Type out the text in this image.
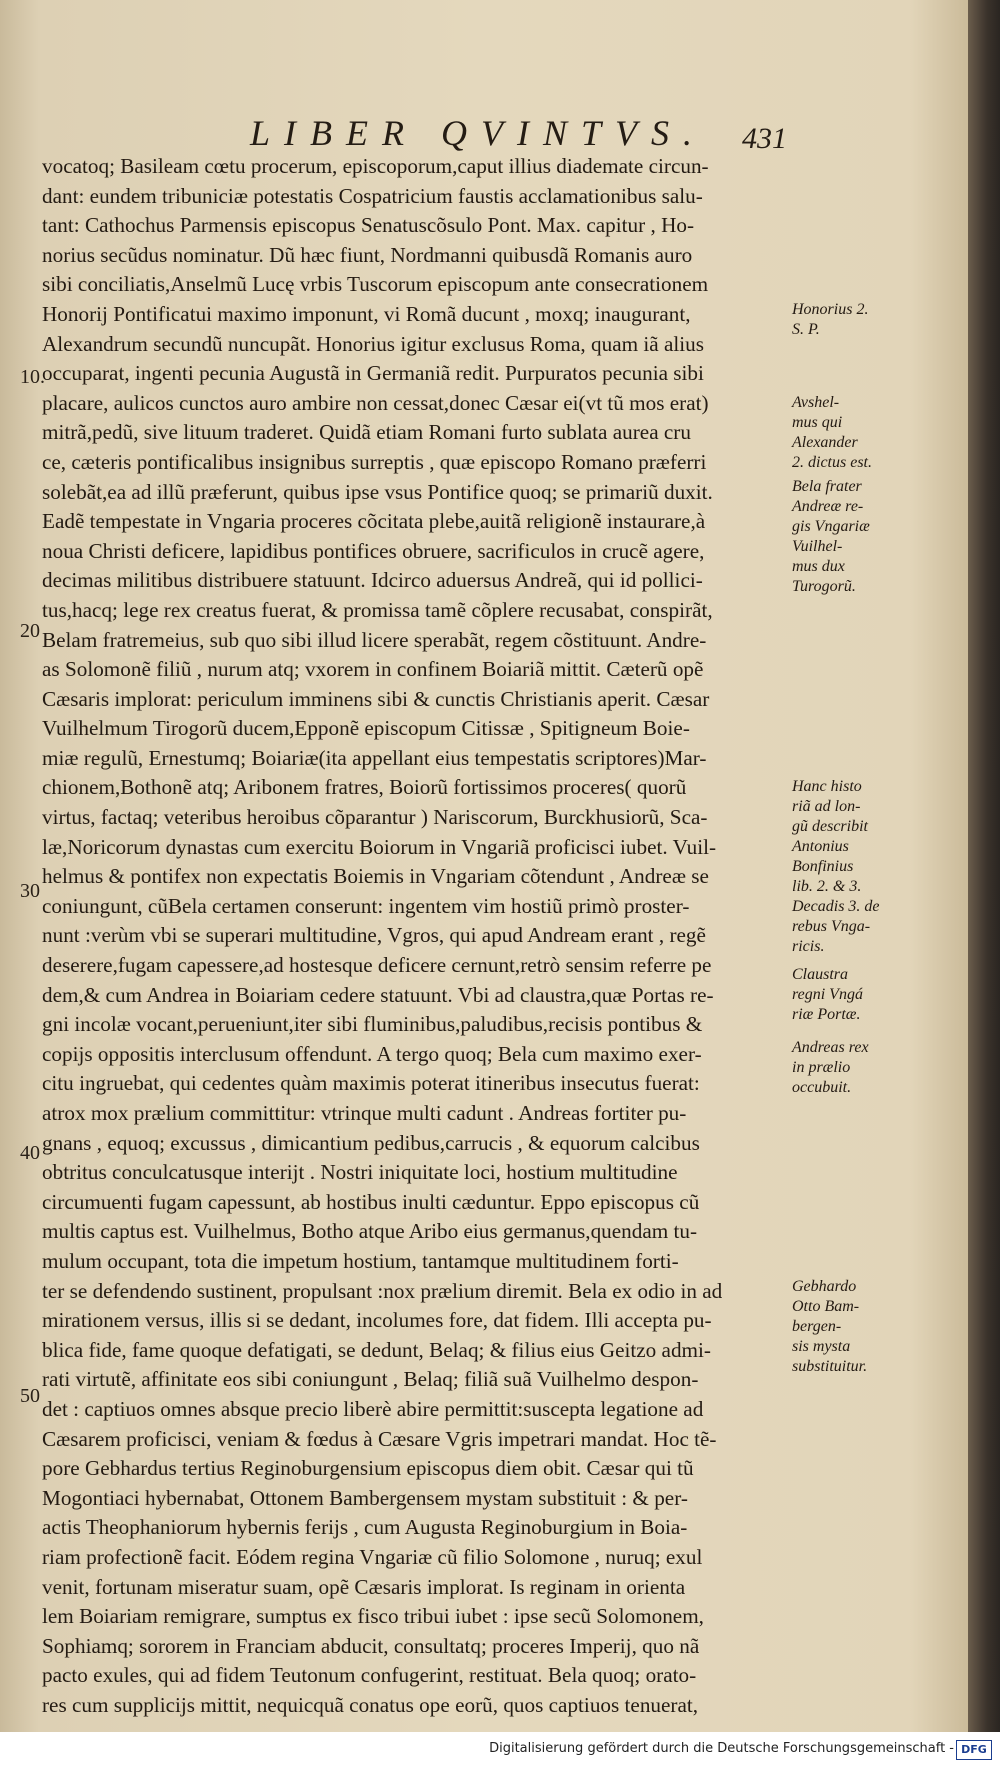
LIBER QVINTVS. 431
10.
20
30
40
50
vocatoq; Basileam cœtu procerum, episcoporum,caput illius diademate circun-
dant: eundem tribuniciæ potestatis Cospatricium faustis acclamationibus salu-
tant: Cathochus Parmensis episcopus Senatuscõsulo Pont. Max. capitur , Ho-
norius secũdus nominatur. Dũ hæc fiunt, Nordmanni quibusdã Romanis auro
sibi conciliatis,Anselmũ Lucę vrbis Tuscorum episcopum ante consecrationem
Honorij Pontificatui maximo imponunt, vi Romã ducunt , moxq; inaugurant,
Alexandrum secundũ nuncupãt. Honorius igitur exclusus Roma, quam iã alius
occuparat, ingenti pecunia Augustã in Germaniã redit. Purpuratos pecunia sibi
placare, aulicos cunctos auro ambire non cessat,donec Cæsar ei(vt tũ mos erat)
mitrã,pedũ, sive lituum traderet. Quidã etiam Romani furto sublata aurea cru
ce, cæteris pontificalibus insignibus surreptis , quæ episcopo Romano præferri
solebãt,ea ad illũ præferunt, quibus ipse vsus Pontifice quoq; se primariũ duxit.
Eadẽ tempestate in Vngaria proceres cõcitata plebe,auitã religionẽ instaurare,à
noua Christi deficere, lapidibus pontifices obruere, sacrificulos in crucẽ agere,
decimas militibus distribuere statuunt. Idcirco aduersus Andreã, qui id pollici-
tus,hacq; lege rex creatus fuerat, & promissa tamẽ cõplere recusabat, conspirãt,
Belam fratremeius, sub quo sibi illud licere sperabãt, regem cõstituunt. Andre-
as Solomonẽ filiũ , nurum atq; vxorem in confinem Boiariã mittit. Cæterũ opẽ
Cæsaris implorat: periculum imminens sibi & cunctis Christianis aperit. Cæsar
Vuilhelmum Tirogorũ ducem,Epponẽ episcopum Citissæ , Spitigneum Boie-
miæ regulũ, Ernestumq; Boiariæ(ita appellant eius tempestatis scriptores)Mar-
chionem,Bothonẽ atq; Aribonem fratres, Boiorũ fortissimos proceres( quorũ
virtus, factaq; veteribus heroibus cõparantur ) Nariscorum, Burckhusiorũ, Sca-
læ,Noricorum dynastas cum exercitu Boiorum in Vngariã proficisci iubet. Vuil-
helmus & pontifex non expectatis Boiemis in Vngariam cõtendunt , Andreæ se
coniungunt, cũBela certamen conserunt: ingentem vim hostiũ primò proster-
nunt :verùm vbi se superari multitudine, Vgros, qui apud Andream erant , regẽ
deserere,fugam capessere,ad hostesque deficere cernunt,retrò sensim referre pe
dem,& cum Andrea in Boiariam cedere statuunt. Vbi ad claustra,quæ Portas re-
gni incolæ vocant,perueniunt,iter sibi fluminibus,paludibus,recisis pontibus &
copijs oppositis interclusum offendunt. A tergo quoq; Bela cum maximo exer-
citu ingruebat, qui cedentes quàm maximis poterat itineribus insecutus fuerat:
atrox mox prælium committitur: vtrinque multi cadunt . Andreas fortiter pu-
gnans , equoq; excussus , dimicantium pedibus,carrucis , & equorum calcibus
obtritus conculcatusque interijt . Nostri iniquitate loci, hostium multitudine
circumuenti fugam capessunt, ab hostibus inulti cæduntur. Eppo episcopus cũ
multis captus est. Vuilhelmus, Botho atque Aribo eius germanus,quendam tu-
mulum occupant, tota die impetum hostium, tantamque multitudinem forti-
ter se defendendo sustinent, propulsant :nox prælium diremit. Bela ex odio in ad
mirationem versus, illis si se dedant, incolumes fore, dat fidem. Illi accepta pu-
blica fide, fame quoque defatigati, se dedunt, Belaq; & filius eius Geitzo admi-
rati virtutẽ, affinitate eos sibi coniungunt , Belaq; filiã suã Vuilhelmo despon-
det : captiuos omnes absque precio liberè abire permittit:suscepta legatione ad
Cæsarem proficisci, veniam & fœdus à Cæsare Vgris impetrari mandat. Hoc tẽ-
pore Gebhardus tertius Reginoburgensium episcopus diem obit. Cæsar qui tũ
Mogontiaci hybernabat, Ottonem Bambergensem mystam substituit : & per-
actis Theophaniorum hybernis ferijs , cum Augusta Reginoburgium in Boia-
riam profectionẽ facit. Eódem regina Vngariæ cũ filio Solomone , nuruq; exul
venit, fortunam miseratur suam, opẽ Cæsaris implorat. Is reginam in orienta
lem Boiariam remigrare, sumptus ex fisco tribui iubet : ipse secũ Solomonem,
Sophiamq; sororem in Franciam abducit, consultatq; proceres Imperij, quo nã
pacto exules, qui ad fidem Teutonum confugerint, restituat. Bela quoq; orato-
res cum supplicijs mittit, nequicquã conatus ope eorũ, quos captiuos tenuerat,
Honorius 2.
S. P.
Avshel-
mus qui
Alexander
2. dictus est.
Bela frater
Andreæ re-
gis Vngariæ
Vuilhel-
mus dux
Turogorũ.
Hanc histo
riã ad lon-
gũ describit
Antonius
Bonfinius
lib. 2. & 3.
Decadis 3. de
rebus Vnga-
ricis.
Claustra
regni Vngá
riæ Portæ.
Andreas rex
in prælio
occubuit.
Gebhardo
Otto Bam-
bergen-
sis mysta
substituitur.
Digitalisierung gefördert durch die Deutsche Forschungsgemeinschaft - DFG
